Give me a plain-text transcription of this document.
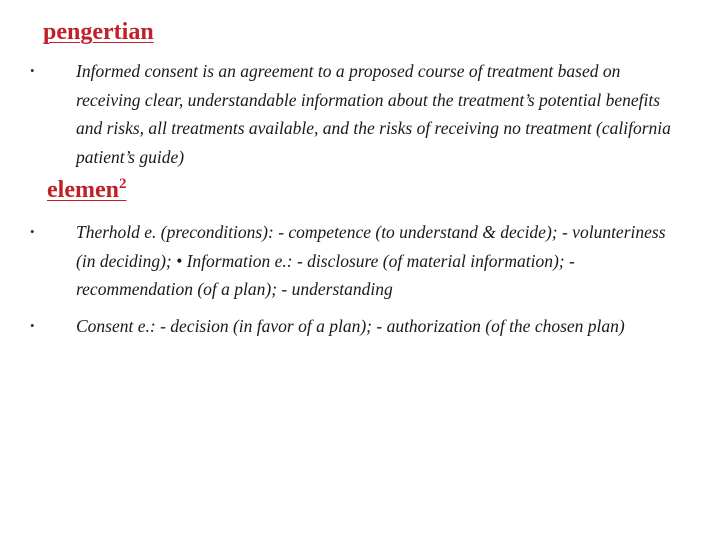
pengertian
• Informed consent is an agreement to a proposed course of treatment based on receiving clear, understandable information about the treatment’s potential benefits and risks, all treatments available, and the risks of receiving no treatment (california patient’s guide)
elemen$^2$
• Therhold e. (preconditions): - competence (to understand & decide); - volunteriness (in deciding); • Information e.: - disclosure (of material information); - recommendation (of a plan); - understanding
• Consent e.: - decision (in favor of a plan); - authorization (of the chosen plan)
